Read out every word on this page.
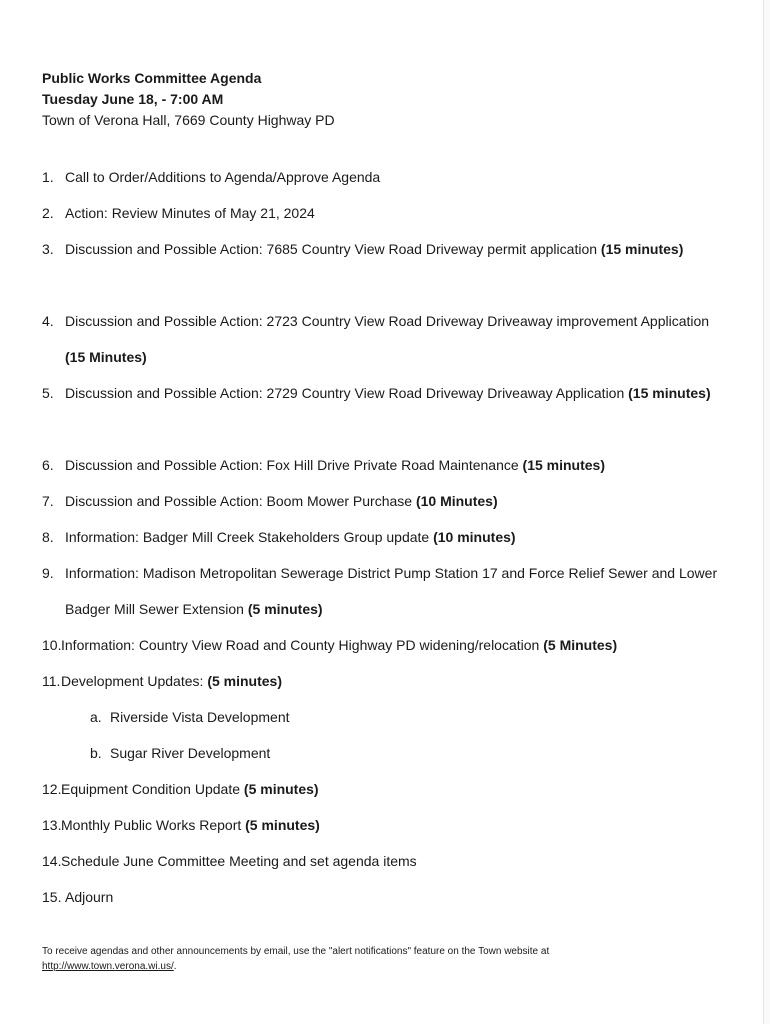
Public Works Committee Agenda
Tuesday June 18, - 7:00 AM
Town of Verona Hall, 7669 County Highway PD
1. Call to Order/Additions to Agenda/Approve Agenda
2. Action: Review Minutes of May 21, 2024
3. Discussion and Possible Action: 7685 Country View Road Driveway permit application (15 minutes)
4. Discussion and Possible Action: 2723 Country View Road Driveway Driveaway improvement Application (15 Minutes)
5. Discussion and Possible Action: 2729 Country View Road Driveway Driveaway Application (15 minutes)
6. Discussion and Possible Action: Fox Hill Drive Private Road Maintenance (15 minutes)
7. Discussion and Possible Action: Boom Mower Purchase (10 Minutes)
8. Information: Badger Mill Creek Stakeholders Group update (10 minutes)
9. Information: Madison Metropolitan Sewerage District Pump Station 17 and Force Relief Sewer and Lower Badger Mill Sewer Extension (5 minutes)
10. Information: Country View Road and County Highway PD widening/relocation (5 Minutes)
11. Development Updates: (5 minutes)
a. Riverside Vista Development
b. Sugar River Development
12. Equipment Condition Update (5 minutes)
13. Monthly Public Works Report (5 minutes)
14. Schedule June Committee Meeting and set agenda items
15. Adjourn
To receive agendas and other announcements by email, use the "alert notifications" feature on the Town website at
http://www.town.verona.wi.us/.
